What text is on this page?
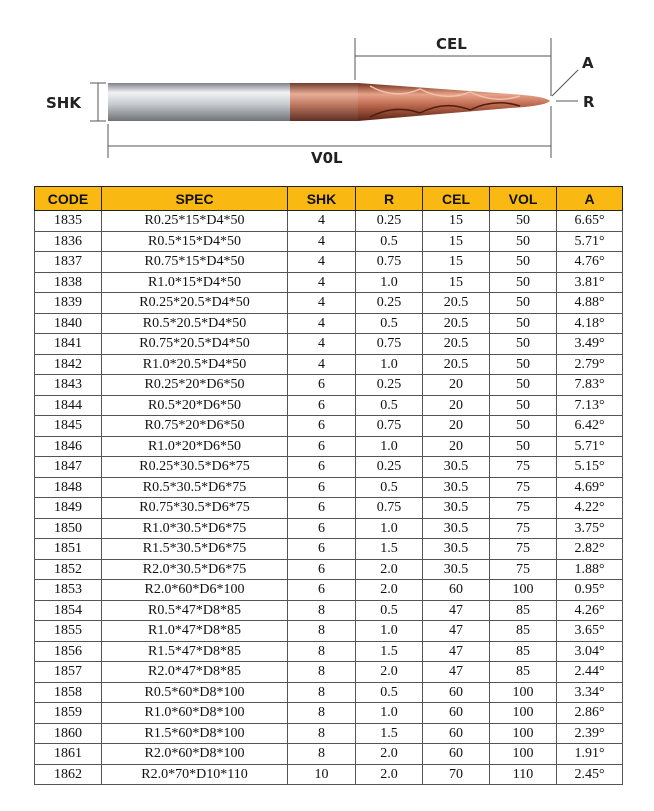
CEL
V0L
SHK
A
R
CODE	SPEC	SHK	R	CEL	VOL	A
1835	R0.25*15*D4*50	4	0.25	15	50	6.65°
1836	R0.5*15*D4*50	4	0.5	15	50	5.71°
1837	R0.75*15*D4*50	4	0.75	15	50	4.76°
1838	R1.0*15*D4*50	4	1.0	15	50	3.81°
1839	R0.25*20.5*D4*50	4	0.25	20.5	50	4.88°
1840	R0.5*20.5*D4*50	4	0.5	20.5	50	4.18°
1841	R0.75*20.5*D4*50	4	0.75	20.5	50	3.49°
1842	R1.0*20.5*D4*50	4	1.0	20.5	50	2.79°
1843	R0.25*20*D6*50	6	0.25	20	50	7.83°
1844	R0.5*20*D6*50	6	0.5	20	50	7.13°
1845	R0.75*20*D6*50	6	0.75	20	50	6.42°
1846	R1.0*20*D6*50	6	1.0	20	50	5.71°
1847	R0.25*30.5*D6*75	6	0.25	30.5	75	5.15°
1848	R0.5*30.5*D6*75	6	0.5	30.5	75	4.69°
1849	R0.75*30.5*D6*75	6	0.75	30.5	75	4.22°
1850	R1.0*30.5*D6*75	6	1.0	30.5	75	3.75°
1851	R1.5*30.5*D6*75	6	1.5	30.5	75	2.82°
1852	R2.0*30.5*D6*75	6	2.0	30.5	75	1.88°
1853	R2.0*60*D6*100	6	2.0	60	100	0.95°
1854	R0.5*47*D8*85	8	0.5	47	85	4.26°
1855	R1.0*47*D8*85	8	1.0	47	85	3.65°
1856	R1.5*47*D8*85	8	1.5	47	85	3.04°
1857	R2.0*47*D8*85	8	2.0	47	85	2.44°
1858	R0.5*60*D8*100	8	0.5	60	100	3.34°
1859	R1.0*60*D8*100	8	1.0	60	100	2.86°
1860	R1.5*60*D8*100	8	1.5	60	100	2.39°
1861	R2.0*60*D8*100	8	2.0	60	100	1.91°
1862	R2.0*70*D10*110	10	2.0	70	110	2.45°
